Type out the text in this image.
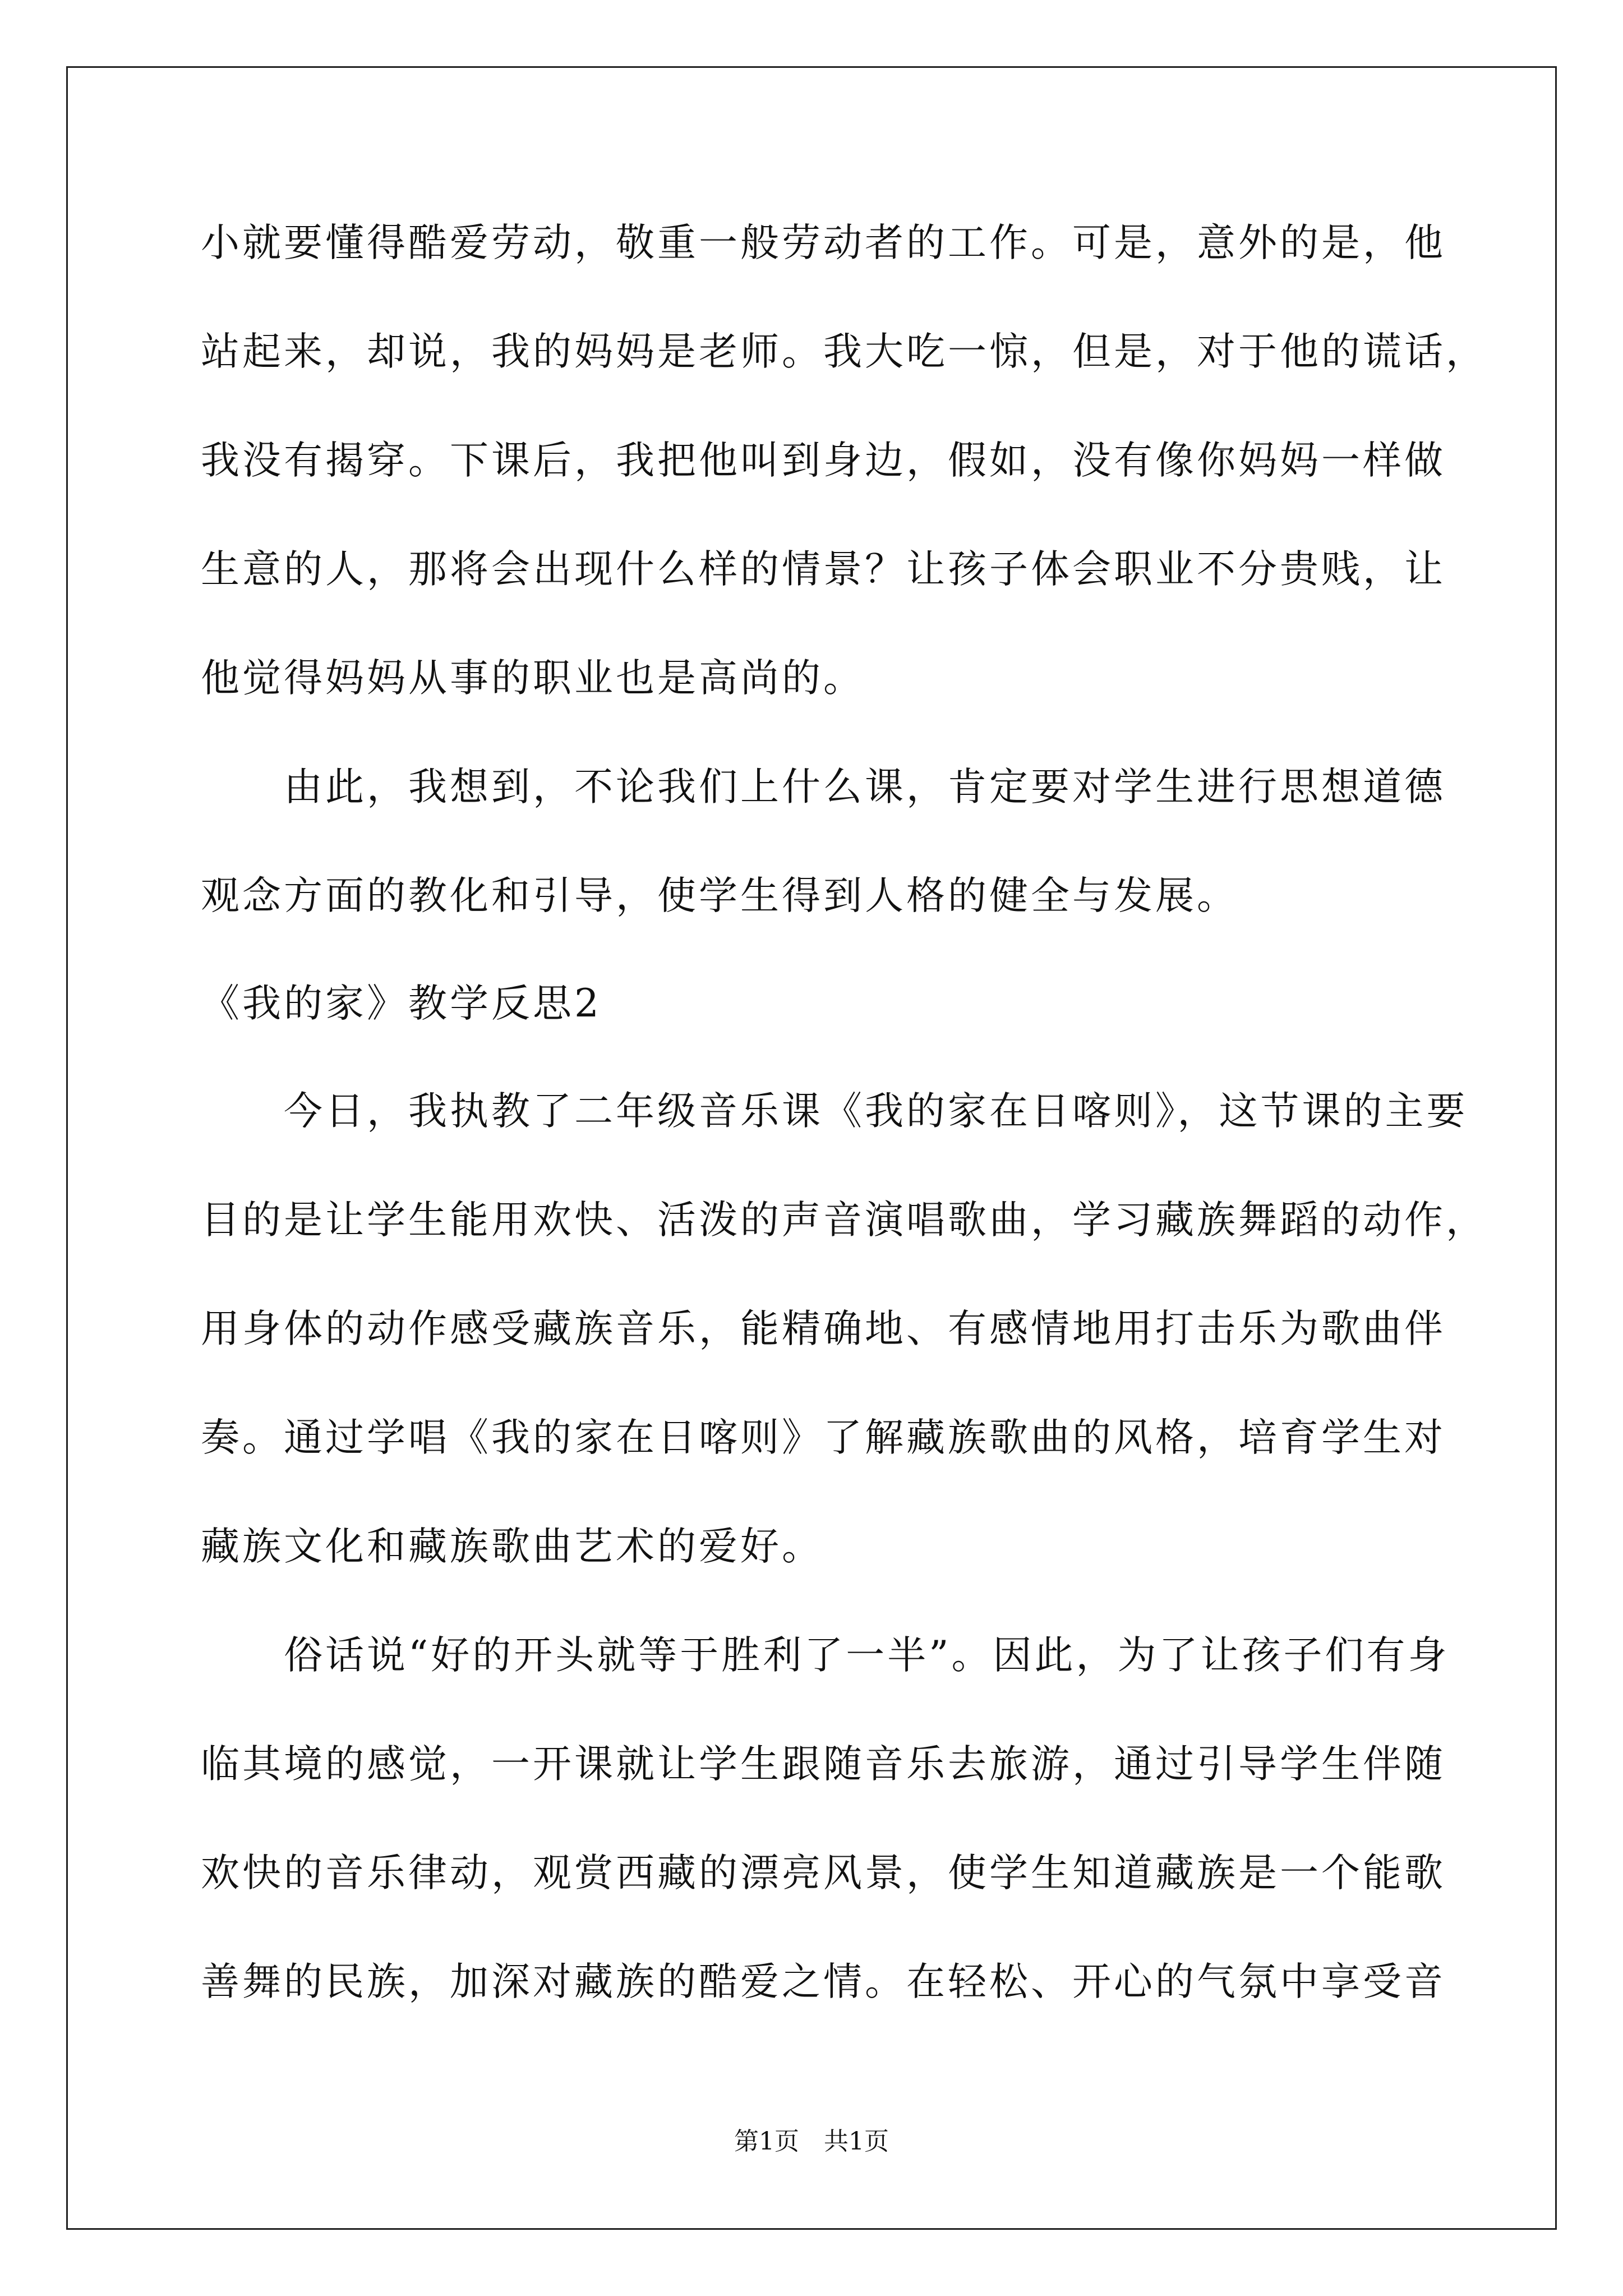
小就要懂得酷爱劳动，敬重一般劳动者的工作。可是，意外的是，他
站起来，却说，我的妈妈是老师。我大吃一惊，但是，对于他的谎话，
我没有揭穿。下课后，我把他叫到身边，假如，没有像你妈妈一样做
生意的人，那将会出现什么样的情景？让孩子体会职业不分贵贱，让
他觉得妈妈从事的职业也是高尚的。
　　由此，我想到，不论我们上什么课，肯定要对学生进行思想道德
观念方面的教化和引导，使学生得到人格的健全与发展。
《我的家》教学反思2
　　今日，我执教了二年级音乐课《我的家在日喀则》，这节课的主要
目的是让学生能用欢快、活泼的声音演唱歌曲，学习藏族舞蹈的动作，
用身体的动作感受藏族音乐，能精确地、有感情地用打击乐为歌曲伴
奏。通过学唱《我的家在日喀则》了解藏族歌曲的风格，培育学生对
藏族文化和藏族歌曲艺术的爱好。
　　俗话说“好的开头就等于胜利了一半”。因此，为了让孩子们有身
临其境的感觉，一开课就让学生跟随音乐去旅游，通过引导学生伴随
欢快的音乐律动，观赏西藏的漂亮风景，使学生知道藏族是一个能歌
善舞的民族，加深对藏族的酷爱之情。在轻松、开心的气氛中享受音
第1页　共1页
